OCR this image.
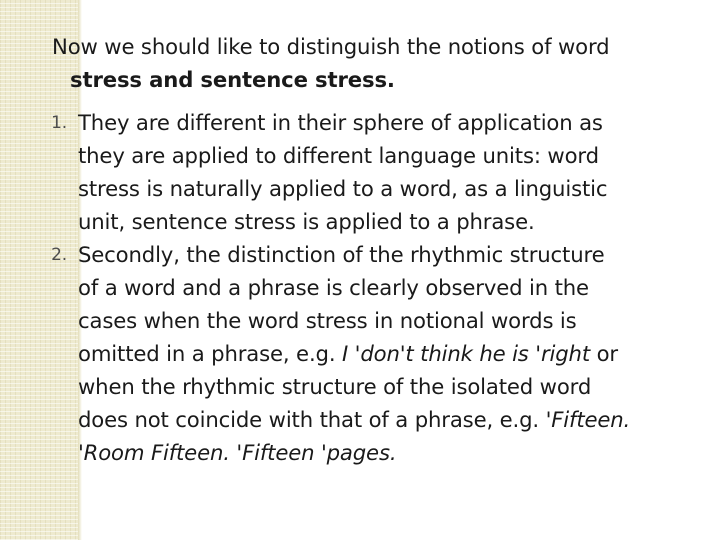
Now we should like to distinguish the notions of word
stress and sentence stress.
1. They are different in their sphere of application as
they are applied to different language units: word
stress is naturally applied to a word, as a linguistic
unit, sentence stress is applied to a phrase.
2. Secondly, the distinction of the rhythmic structure
of a word and a phrase is clearly observed in the
cases when the word stress in notional words is
omitted in a phrase, e.g. I 'don't think he is 'right or
when the rhythmic structure of the isolated word
does not coincide with that of a phrase, e.g. 'Fifteen.
'Room Fifteen. 'Fifteen 'pages.
